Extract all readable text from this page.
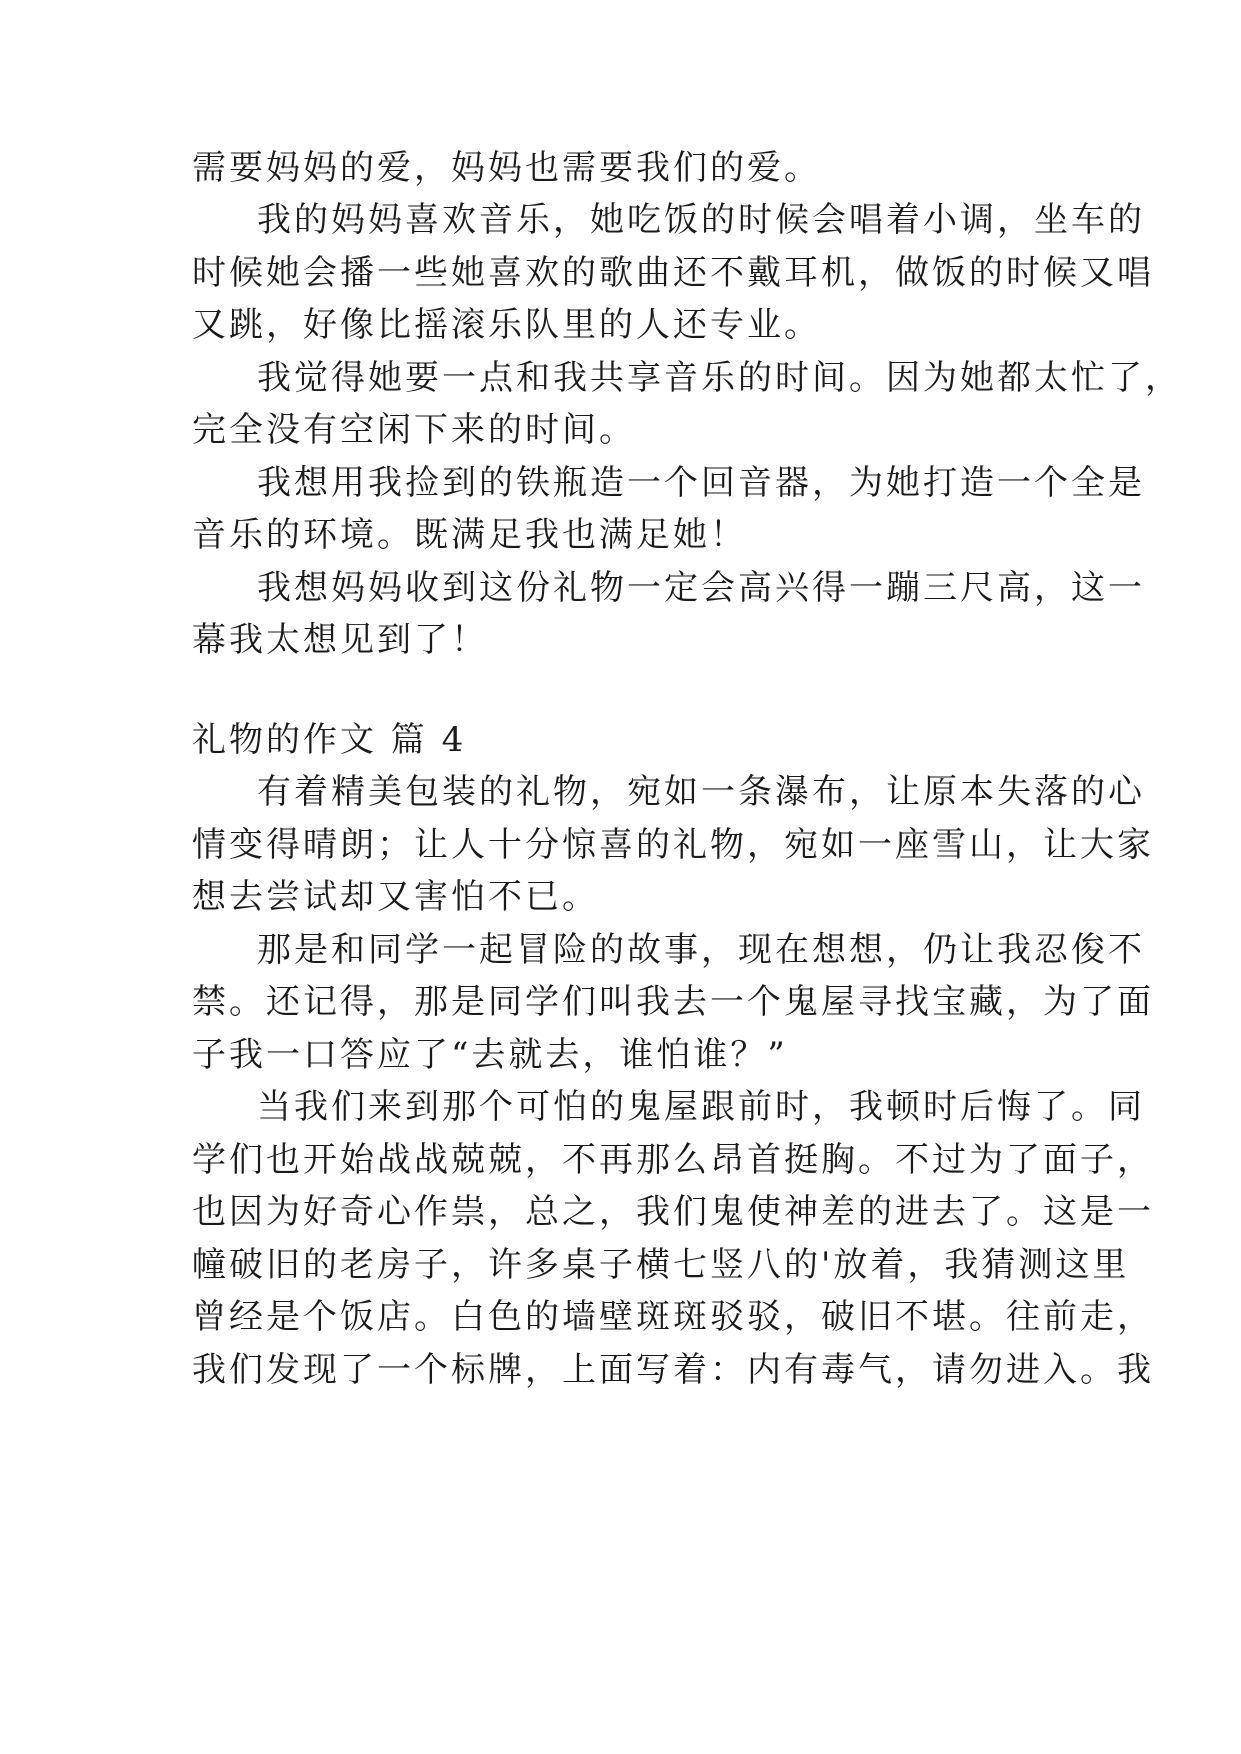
需要妈妈的爱，妈妈也需要我们的爱。
我的妈妈喜欢音乐，她吃饭的时候会唱着小调，坐车的
时候她会播一些她喜欢的歌曲还不戴耳机，做饭的时候又唱
又跳，好像比摇滚乐队里的人还专业。
我觉得她要一点和我共享音乐的时间。因为她都太忙了，
完全没有空闲下来的时间。
我想用我捡到的铁瓶造一个回音器，为她打造一个全是
音乐的环境。既满足我也满足她！
我想妈妈收到这份礼物一定会高兴得一蹦三尺高，这一
幕我太想见到了！
礼物的作文 篇 4
有着精美包装的礼物，宛如一条瀑布，让原本失落的心
情变得晴朗；让人十分惊喜的礼物，宛如一座雪山，让大家
想去尝试却又害怕不已。
那是和同学一起冒险的故事，现在想想，仍让我忍俊不
禁。还记得，那是同学们叫我去一个鬼屋寻找宝藏，为了面
子我一口答应了“去就去，谁怕谁？”
当我们来到那个可怕的鬼屋跟前时，我顿时后悔了。同
学们也开始战战兢兢，不再那么昂首挺胸。不过为了面子，
也因为好奇心作祟，总之，我们鬼使神差的进去了。这是一
幢破旧的老房子，许多桌子横七竖八的'放着，我猜测这里
曾经是个饭店。白色的墙壁斑斑驳驳，破旧不堪。往前走，
我们发现了一个标牌，上面写着：内有毒气，请勿进入。我
